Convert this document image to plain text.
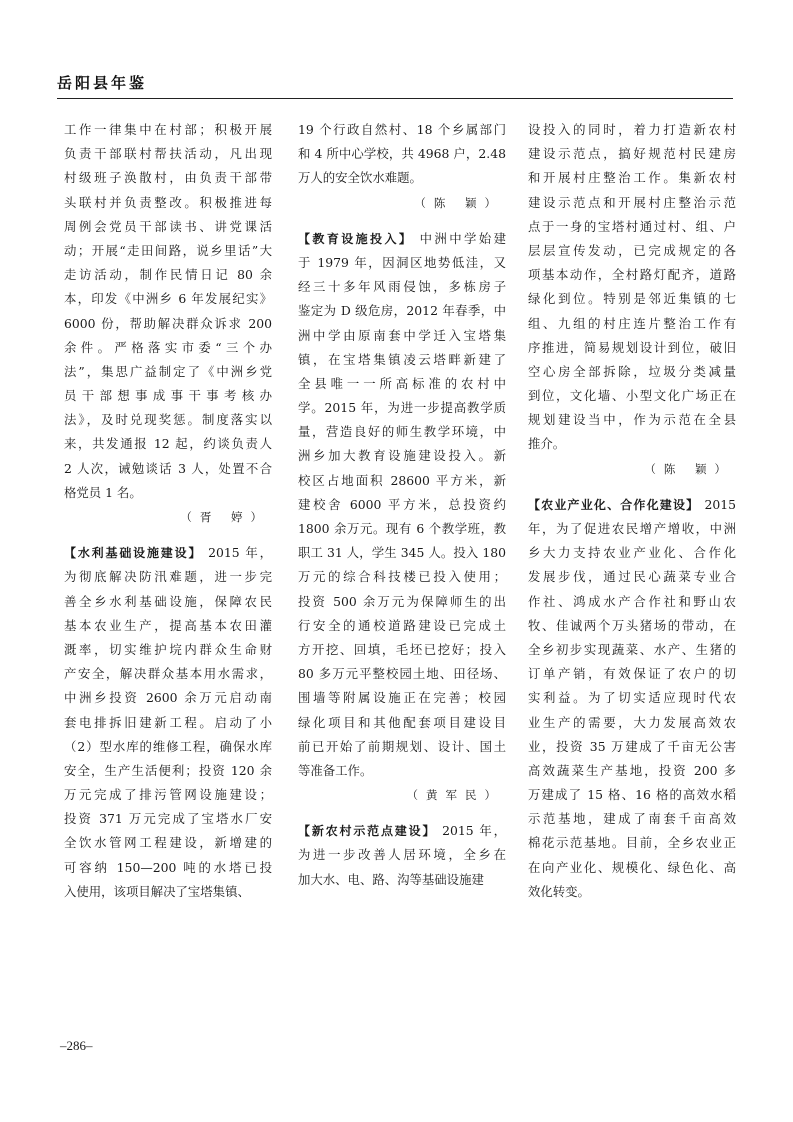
岳阳县年鉴
工作一律集中在村部；积极开展
负责干部联村帮扶活动，凡出现
村级班子涣散村，由负责干部带
头联村并负责整改。积极推进每
周例会党员干部读书、讲党课活
动；开展“走田间路，说乡里话”大
走访活动，制作民情日记 80 余
本，印发《中洲乡 6 年发展纪实》
6000 份，帮助解决群众诉求 200
余件。严格落实市委“三个办
法”，集思广益制定了《中洲乡党
员干部想事成事干事考核办
法》，及时兑现奖惩。制度落实以
来，共发通报 12 起，约谈负责人
2 人次，诫勉谈话 3 人，处置不合
格党员 1 名。
（胥 婷）
【水利基础设施建设】 2015 年，
为彻底解决防汛难题，进一步完
善全乡水利基础设施，保障农民
基本农业生产，提高基本农田灌
溉率，切实维护垸内群众生命财
产安全，解决群众基本用水需求，
中洲乡投资 2600 余万元启动南
套电排拆旧建新工程。启动了小
（2）型水库的维修工程，确保水库
安全，生产生活便利；投资 120 余
万元完成了排污管网设施建设；
投资 371 万元完成了宝塔水厂安
全饮水管网工程建设，新增建的
可容纳 150—200 吨的水塔已投
入使用，该项目解决了宝塔集镇、
19 个行政自然村、18 个乡属部门
和 4 所中心学校，共 4968 户，2.48
万人的安全饮水难题。
（陈 颖）
【教育设施投入】 中洲中学始建
于 1979 年，因洞区地势低洼，又
经三十多年风雨侵蚀，多栋房子
鉴定为 D 级危房，2012 年春季，中
洲中学由原南套中学迁入宝塔集
镇，在宝塔集镇凌云塔畔新建了
全县唯一一所高标准的农村中
学。2015 年，为进一步提高教学质
量，营造良好的师生教学环境，中
洲乡加大教育设施建设投入。新
校区占地面积 28600 平方米，新
建校舍 6000 平方米，总投资约
1800 余万元。现有 6 个教学班，教
职工 31 人，学生 345 人。投入 180
万元的综合科技楼已投入使用；
投资 500 余万元为保障师生的出
行安全的通校道路建设已完成土
方开挖、回填，毛坯已挖好；投入
80 多万元平整校园土地、田径场、
围墙等附属设施正在完善；校园
绿化项目和其他配套项目建设目
前已开始了前期规划、设计、国土
等准备工作。
（黄军民）
【新农村示范点建设】 2015 年，
为进一步改善人居环境，全乡在
加大水、电、路、沟等基础设施建
设投入的同时，着力打造新农村
建设示范点，搞好规范村民建房
和开展村庄整治工作。集新农村
建设示范点和开展村庄整治示范
点于一身的宝塔村通过村、组、户
层层宣传发动，已完成规定的各
项基本动作，全村路灯配齐，道路
绿化到位。特别是邻近集镇的七
组、九组的村庄连片整治工作有
序推进，简易规划设计到位，破旧
空心房全部拆除，垃圾分类减量
到位，文化墙、小型文化广场正在
规划建设当中，作为示范在全县
推介。
（陈 颖）
【农业产业化、合作化建设】 2015
年，为了促进农民增产增收，中洲
乡大力支持农业产业化、合作化
发展步伐，通过民心蔬菜专业合
作社、鸿成水产合作社和野山农
牧、佳诚两个万头猪场的带动，在
全乡初步实现蔬菜、水产、生猪的
订单产销，有效保证了农户的切
实利益。为了切实适应现时代农
业生产的需要，大力发展高效农
业，投资 35 万建成了千亩无公害
高效蔬菜生产基地，投资 200 多
万建成了 15 格、16 格的高效水稻
示范基地，建成了南套千亩高效
棉花示范基地。目前，全乡农业正
在向产业化、规模化、绿色化、高
效化转变。
–286–
